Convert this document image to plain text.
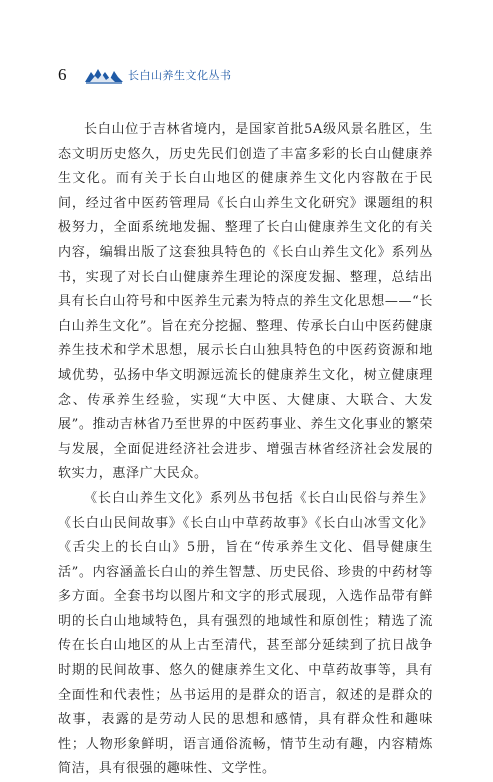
6	长白山养生文化丛书

长白山位于吉林省境内，是国家首批5A级风景名胜区，生态文明历史悠久，历史先民们创造了丰富多彩的长白山健康养生文化。而有关于长白山地区的健康养生文化内容散在于民间，经过省中医药管理局《长白山养生文化研究》课题组的积极努力，全面系统地发掘、整理了长白山健康养生文化的有关内容，编辑出版了这套独具特色的《长白山养生文化》系列丛书，实现了对长白山健康养生理论的深度发掘、整理，总结出具有长白山符号和中医养生元素为特点的养生文化思想——“长白山养生文化”。旨在充分挖掘、整理、传承长白山中医药健康养生技术和学术思想，展示长白山独具特色的中医药资源和地域优势，弘扬中华文明源远流长的健康养生文化，树立健康理念、传承养生经验，实现“大中医、大健康、大联合、大发展”。推动吉林省乃至世界的中医药事业、养生文化事业的繁荣与发展，全面促进经济社会进步、增强吉林省经济社会发展的软实力，惠泽广大民众。

《长白山养生文化》系列丛书包括《长白山民俗与养生》《长白山民间故事》《长白山中草药故事》《长白山冰雪文化》《舌尖上的长白山》5册，旨在“传承养生文化、倡导健康生活”。内容涵盖长白山的养生智慧、历史民俗、珍贵的中药材等多方面。全套书均以图片和文字的形式展现，入选作品带有鲜明的长白山地域特色，具有强烈的地域性和原创性；精选了流传在长白山地区的从上古至清代，甚至部分延续到了抗日战争时期的民间故事、悠久的健康养生文化、中草药故事等，具有全面性和代表性；丛书运用的是群众的语言，叙述的是群众的故事，表露的是劳动人民的思想和感情，具有群众性和趣味性；人物形象鲜明，语言通俗流畅，情节生动有趣，内容精炼简洁，具有很强的趣味性、文学性。
